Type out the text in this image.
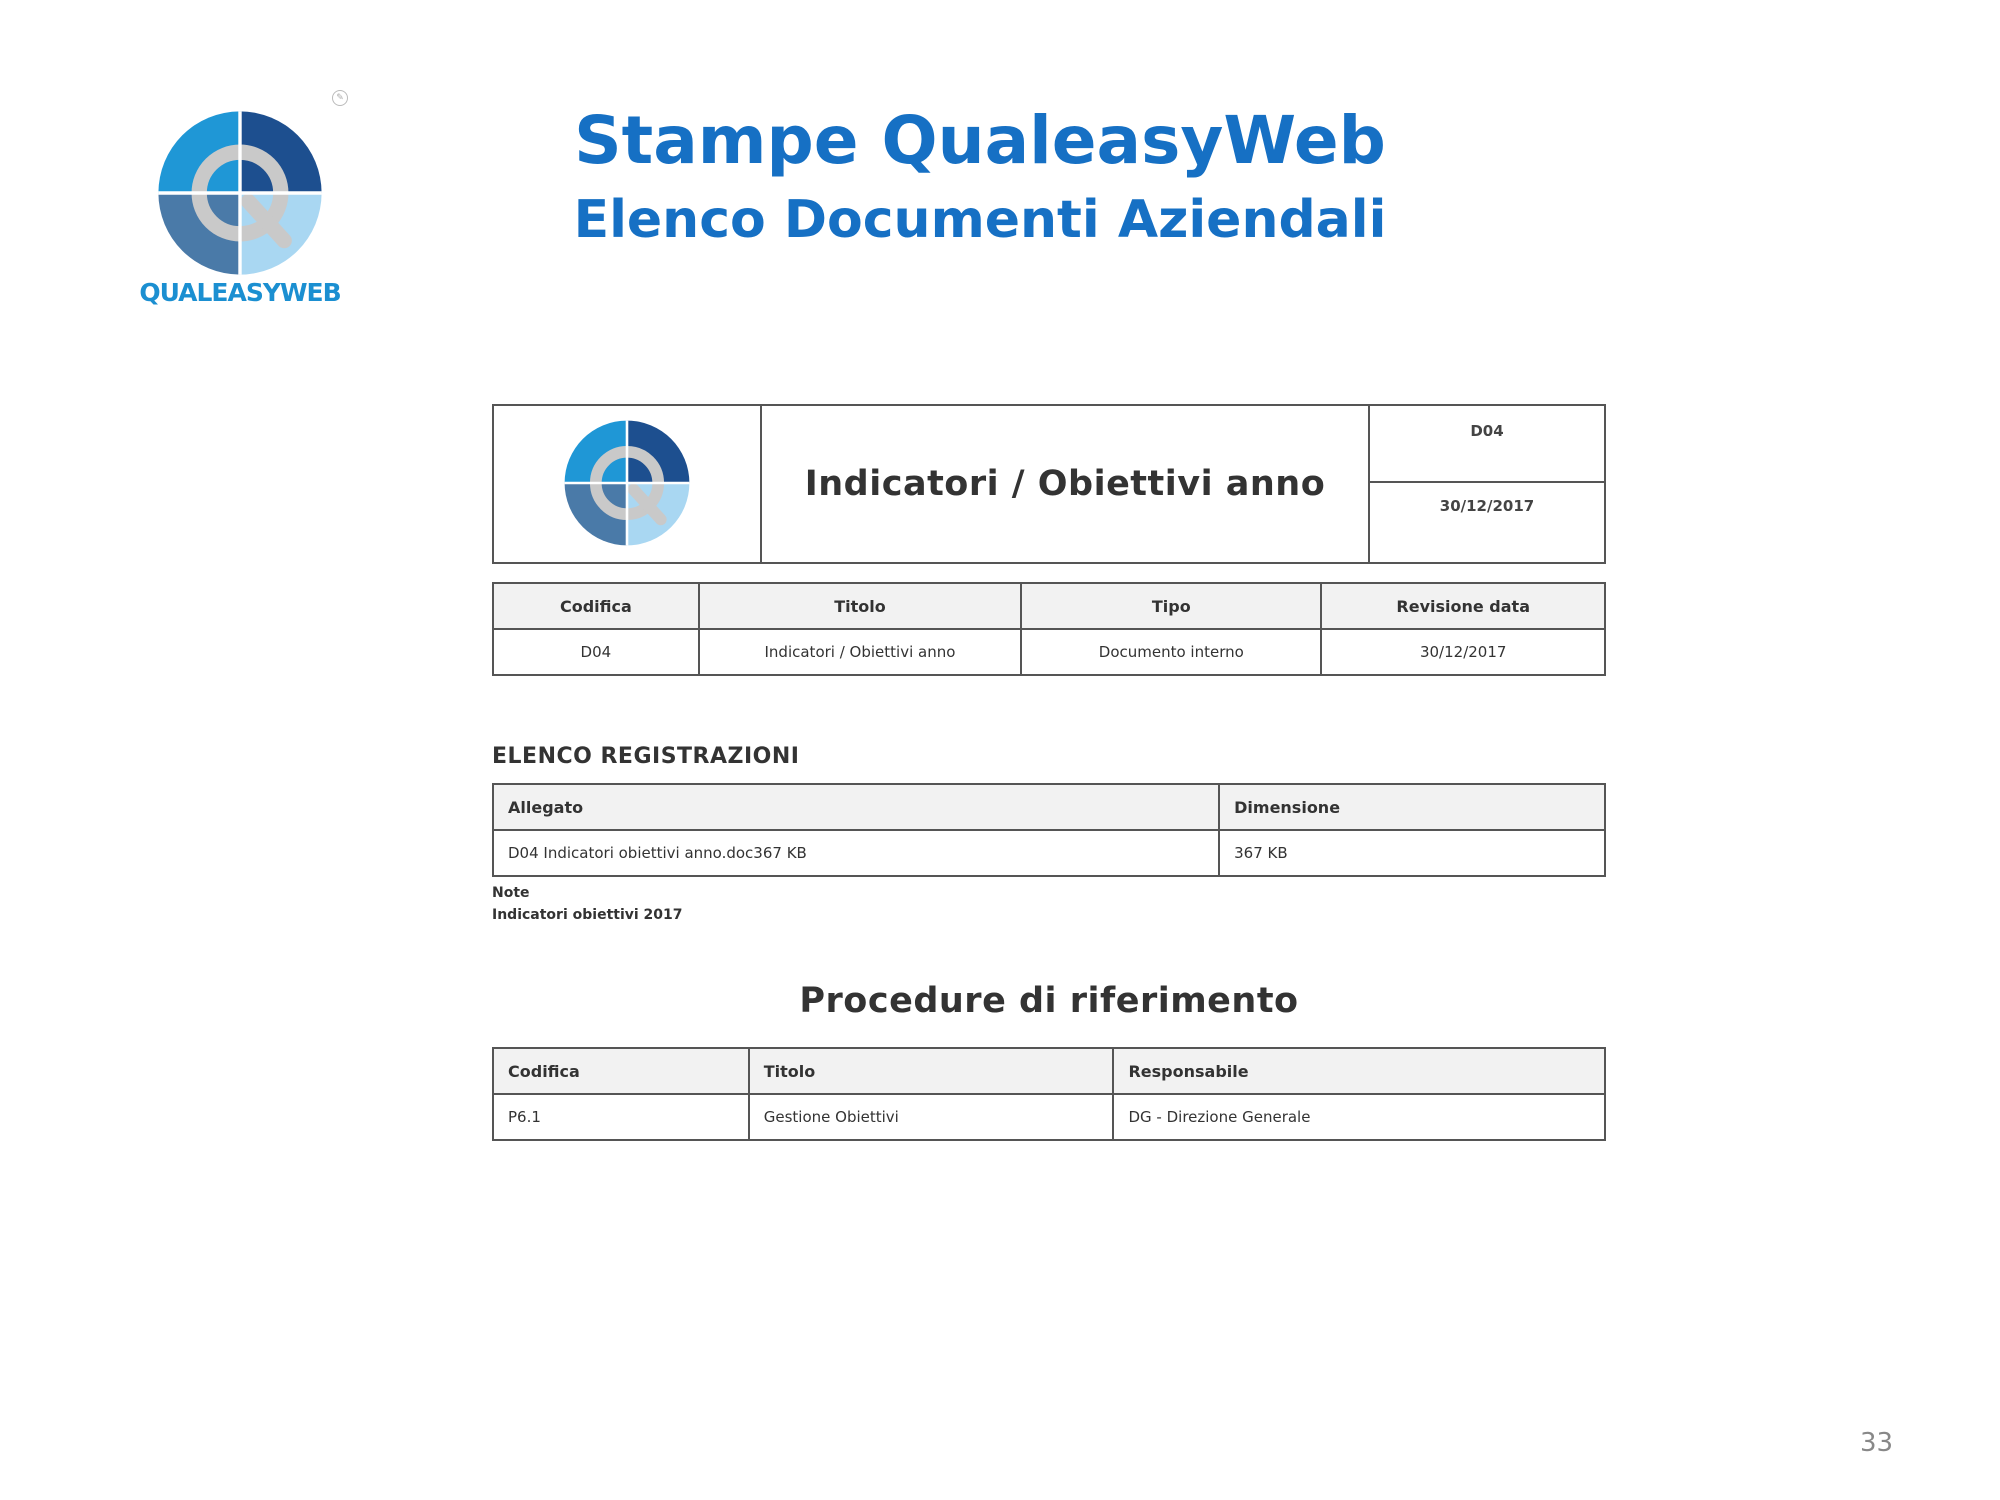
QUALEASYWEB
✎
Stampe QualeasyWeb
Elenco Documenti Aziendali
	Indicatori / Obiettivi anno	
D04
30/12/2017
Codifica	Titolo	Tipo	Revisione data
D04	Indicatori / Obiettivi anno	Documento interno	30/12/2017
ELENCO REGISTRAZIONI
Allegato	Dimensione
D04 Indicatori obiettivi anno.doc367 KB	367 KB
Note
Indicatori obiettivi 2017
Procedure di riferimento
Codifica	Titolo	Responsabile
P6.1	Gestione Obiettivi	DG - Direzione Generale
33
